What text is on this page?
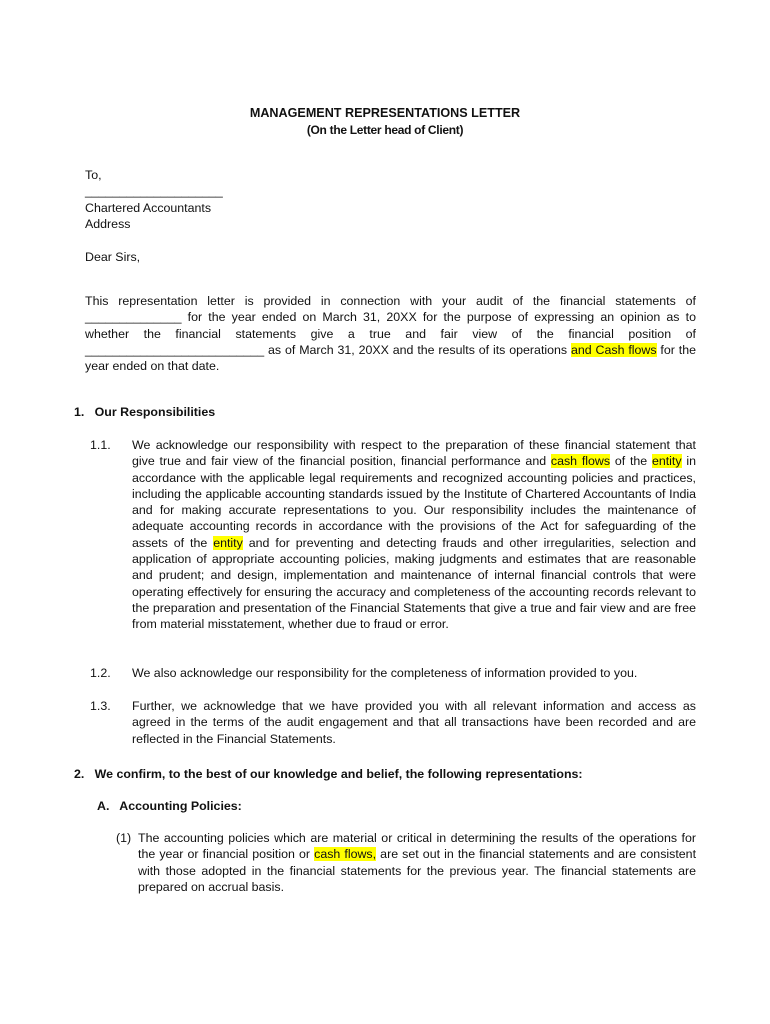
MANAGEMENT REPRESENTATIONS LETTER
(On the Letter head of Client)
To,
____________________
Chartered Accountants
Address
Dear Sirs,

This representation letter is provided in connection with your audit of the financial statements of ______________ for the year ended on March 31, 20XX for the purpose of expressing an opinion as to whether the financial statements give a true and fair view of the financial position of __________________________ as of March 31, 20XX and the results of its operations and Cash flows for the year ended on that date.

1.   Our Responsibilities
1.1. We acknowledge our responsibility with respect to the preparation of these financial statement that give true and fair view of the financial position, financial performance and cash flows of the entity in accordance with the applicable legal requirements and recognized accounting policies and practices, including the applicable accounting standards issued by the Institute of Chartered Accountants of India and for making accurate representations to you. Our responsibility includes the maintenance of adequate accounting records in accordance with the provisions of the Act for safeguarding of the assets of the entity and for preventing and detecting frauds and other irregularities, selection and application of appropriate accounting policies, making judgments and estimates that are reasonable and prudent; and design, implementation and maintenance of internal financial controls that were operating effectively for ensuring the accuracy and completeness of the accounting records relevant to the preparation and presentation of the Financial Statements that give a true and fair view and are free from material misstatement, whether due to fraud or error.

1.2. We also acknowledge our responsibility for the completeness of information provided to you.

1.3. Further, we acknowledge that we have provided you with all relevant information and access as agreed in the terms of the audit engagement and that all transactions have been recorded and are reflected in the Financial Statements.

2.   We confirm, to the best of our knowledge and belief, the following representations:
A.   Accounting Policies:
(1) The accounting policies which are material or critical in determining the results of the operations for the year or financial position or cash flows, are set out in the financial statements and are consistent with those adopted in the financial statements for the previous year. The financial statements are prepared on accrual basis.
